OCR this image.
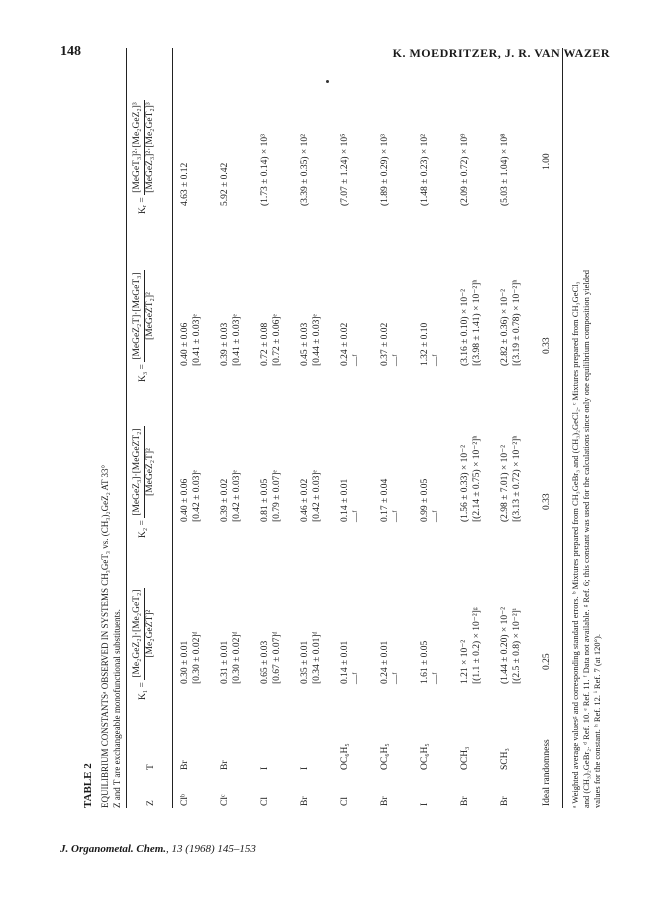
148	K. MOEDRITZER, J. R. VAN WAZER
TABLE 2 EQUILIBRIUM CONSTANTSᵃ OBSERVED IN SYSTEMS CH₃GeT₃ vs. (CH₃)₂GeZ₂ AT 33° Z and T are exchangeable monofunctional substituents.	Z
T
K₁ =
[Me₂GeZ₂]·[Me₂GeT₂] [Me₂GeZT]²
K₂ =
[MeGeZ₃]·[MeGeZT₂] [MeGeZ₂T]²
K₃ =
[MeGeZ₂T]·[MeGeT₃] [MeGeZT₂]²
Kᵣ =
[MeGeT₃]²·[Me₂GeZ₂]³ [MeGeZ₃]²·[Me₂GeT₂]³
Clᵇ
Br
0.30 ± 0.01 [0.30 ± 0.02]ᵈ
0.40 ± 0.06 [0.42 ± 0.03]ᵉ
0.40 ± 0.06 [0.41 ± 0.03]ᵉ
4.63 ± 0.12
Clᶜ
Br
0.31 ± 0.01 [0.30 ± 0.02]ᵈ
0.39 ± 0.02 [0.42 ± 0.03]ᵉ
0.39 ± 0.03 [0.41 ± 0.03]ᵉ
5.92 ± 0.42
Cl
I
0.65 ± 0.03 [0.67 ± 0.07]ᵈ
0.81 ± 0.05 [0.79 ± 0.07]ᵉ
0.72 ± 0.08 [0.72 ± 0.06]ᵉ
(1.73 ± 0.14) × 10³
Br
I
0.35 ± 0.01 [0.34 ± 0.01]ᵈ
0.46 ± 0.02 [0.42 ± 0.03]ᵉ
0.45 ± 0.03 [0.44 ± 0.03]ᵉ
(3.39 ± 0.35) × 10²
Cl
OC₆H₅
0.14 ± 0.01 —ᶠ
0.14 ± 0.01 —ᶠ
0.24 ± 0.02 —ᶠ
(7.07 ± 1.24) × 10⁵
Br
OC₆H₅
0.24 ± 0.01 —ᶠ
0.17 ± 0.04 —ᶠ
0.37 ± 0.02 —ᶠ
(1.89 ± 0.29) × 10³
I
OC₆H₅
1.61 ± 0.05 —ᶠ
0.99 ± 0.05 —ᶠ
1.32 ± 0.10 —ᶠ
(1.48 ± 0.23) × 10²
Br
OCH₃
1.21 × 10⁻² [(1.1 ± 0.2) × 10⁻²]ᵍ
(1.56 ± 0.33) × 10⁻² [(2.14 ± 0.75) × 10⁻²]ʰ
(3.16 ± 0.10) × 10⁻² [(3.98 ± 1.41) × 10⁻²]ʰ
(2.09 ± 0.72) × 10⁹
Br
SCH₃
(1.44 ± 0.20) × 10⁻² [(2.5 ± 0.8) × 10⁻²]ⁱ
(2.98 ± 7.01) × 10⁻² [(3.13 ± 0.72) × 10⁻²]ʰ
(2.82 ± 0.36) × 10⁻² [(3.19 ± 0.78) × 10⁻²]ʰ
(5.03 ± 1.04) × 10⁸
Ideal randomness
0.25
0.33
0.33
1.00
ᵃ Weighted average valuesᵍ and corresponding standard errors. ᵇ Mixtures prepared from CH₃GeBr₃ and (CH₃)₂GeCl₂. ᶜ Mixtures prepared from CH₃GeCl₃ and (CH₃)₂GeBr₂. ᵈ Ref. 10. ᵉ Ref. 11. ᶠ Data not available. ᵍ Ref. 6; this constant was used for the calculations since only one equilibrium composition yielded values for the constant. ʰ Ref. 12. ⁱ Ref. 7 (at 120°).
J. Organometal. Chem., 13 (1968) 145–153
